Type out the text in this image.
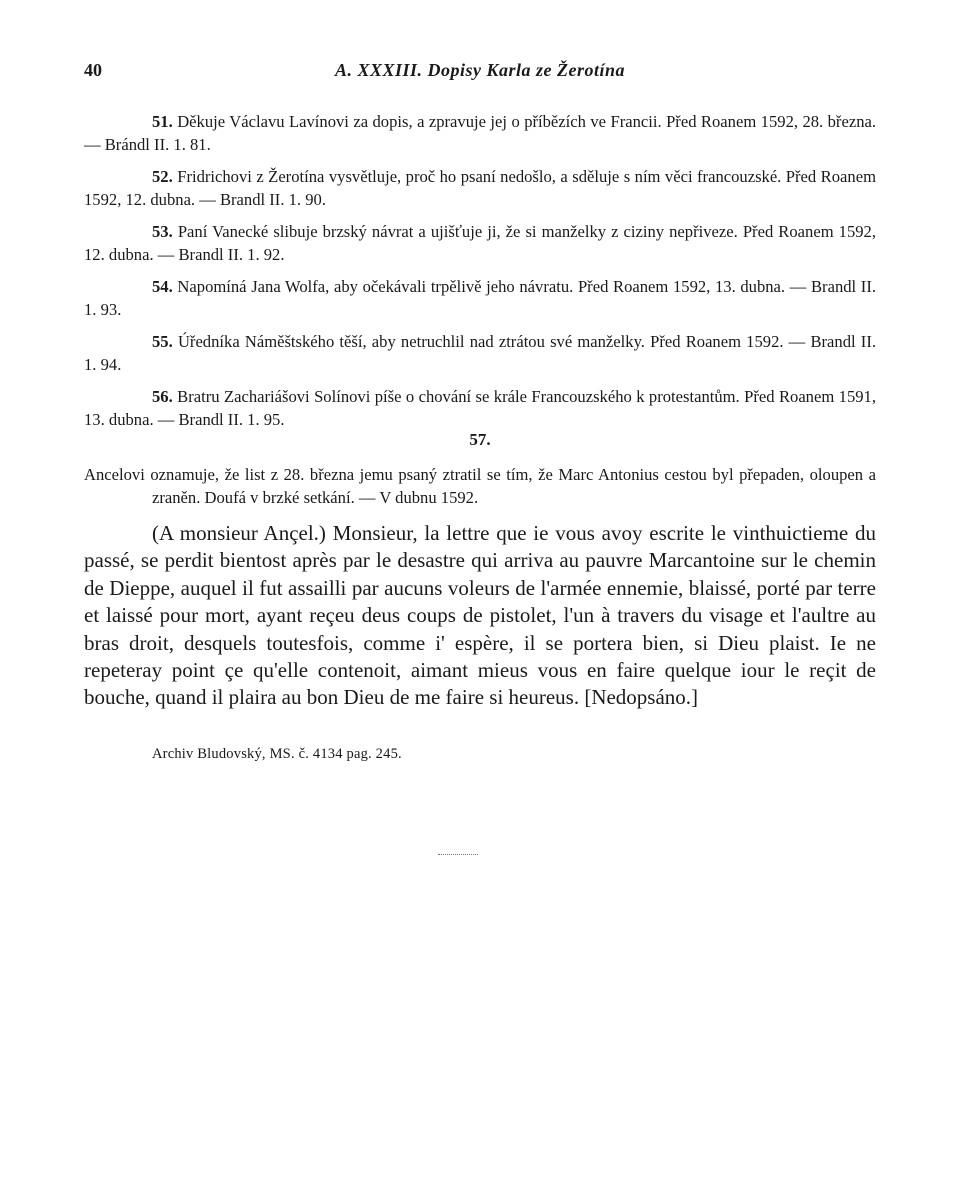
40	A. XXXIII. Dopisy Karla ze Žerotína

51. Děkuje Václavu Lavínovi za dopis, a zpravuje jej o příbězích ve Francii. Před Roanem 1592, 28. března. — Brándl II. 1. 81.

52. Fridrichovi z Žerotína vysvětluje, proč ho psaní nedošlo, a sděluje s ním věci francouzské. Před Roanem 1592, 12. dubna. — Brandl II. 1. 90.

53. Paní Vanecké slibuje brzský návrat a ujišťuje ji, že si manželky z ciziny nepřiveze. Před Roanem 1592, 12. dubna. — Brandl II. 1. 92.

54. Napomíná Jana Wolfa, aby očekávali trpělivě jeho návratu. Před Roanem 1592, 13. dubna. — Brandl II. 1. 93.

55. Úředníka Náměštského těší, aby netruchlil nad ztrátou své manželky. Před Roanem 1592. — Brandl II. 1. 94.

56. Bratru Zachariášovi Solínovi píše o chování se krále Francouzského k protestantům. Před Roanem 1591, 13. dubna. — Brandl II. 1. 95.

57.
Ancelovi oznamuje, že list z 28. března jemu psaný ztratil se tím, že Marc Antonius cestou byl přepaden, oloupen a zraněn. Doufá v brzké setkání. — V dubnu 1592.
(A monsieur Ançel.) Monsieur, la lettre que ie vous avoy escrite le vinthuictieme du passé, se perdit bientost après par le desastre qui arriva au pauvre Marcantoine sur le chemin de Dieppe, auquel il fut assailli par aucuns voleurs de l'armée ennemie, blaissé, porté par terre et laissé pour mort, ayant reçeu deus coups de pistolet, l'un à travers du visage et l'aultre au bras droit, desquels toutesfois, comme i' espère, il se portera bien, si Dieu plaist. Ie ne repeteray point çe qu'elle contenoit, aimant mieus vous en faire quelque iour le reçit de bouche, quand il plaira au bon Dieu de me faire si heureus. [Nedopsáno.]
Archiv Bludovský, MS. č. 4134 pag. 245.
